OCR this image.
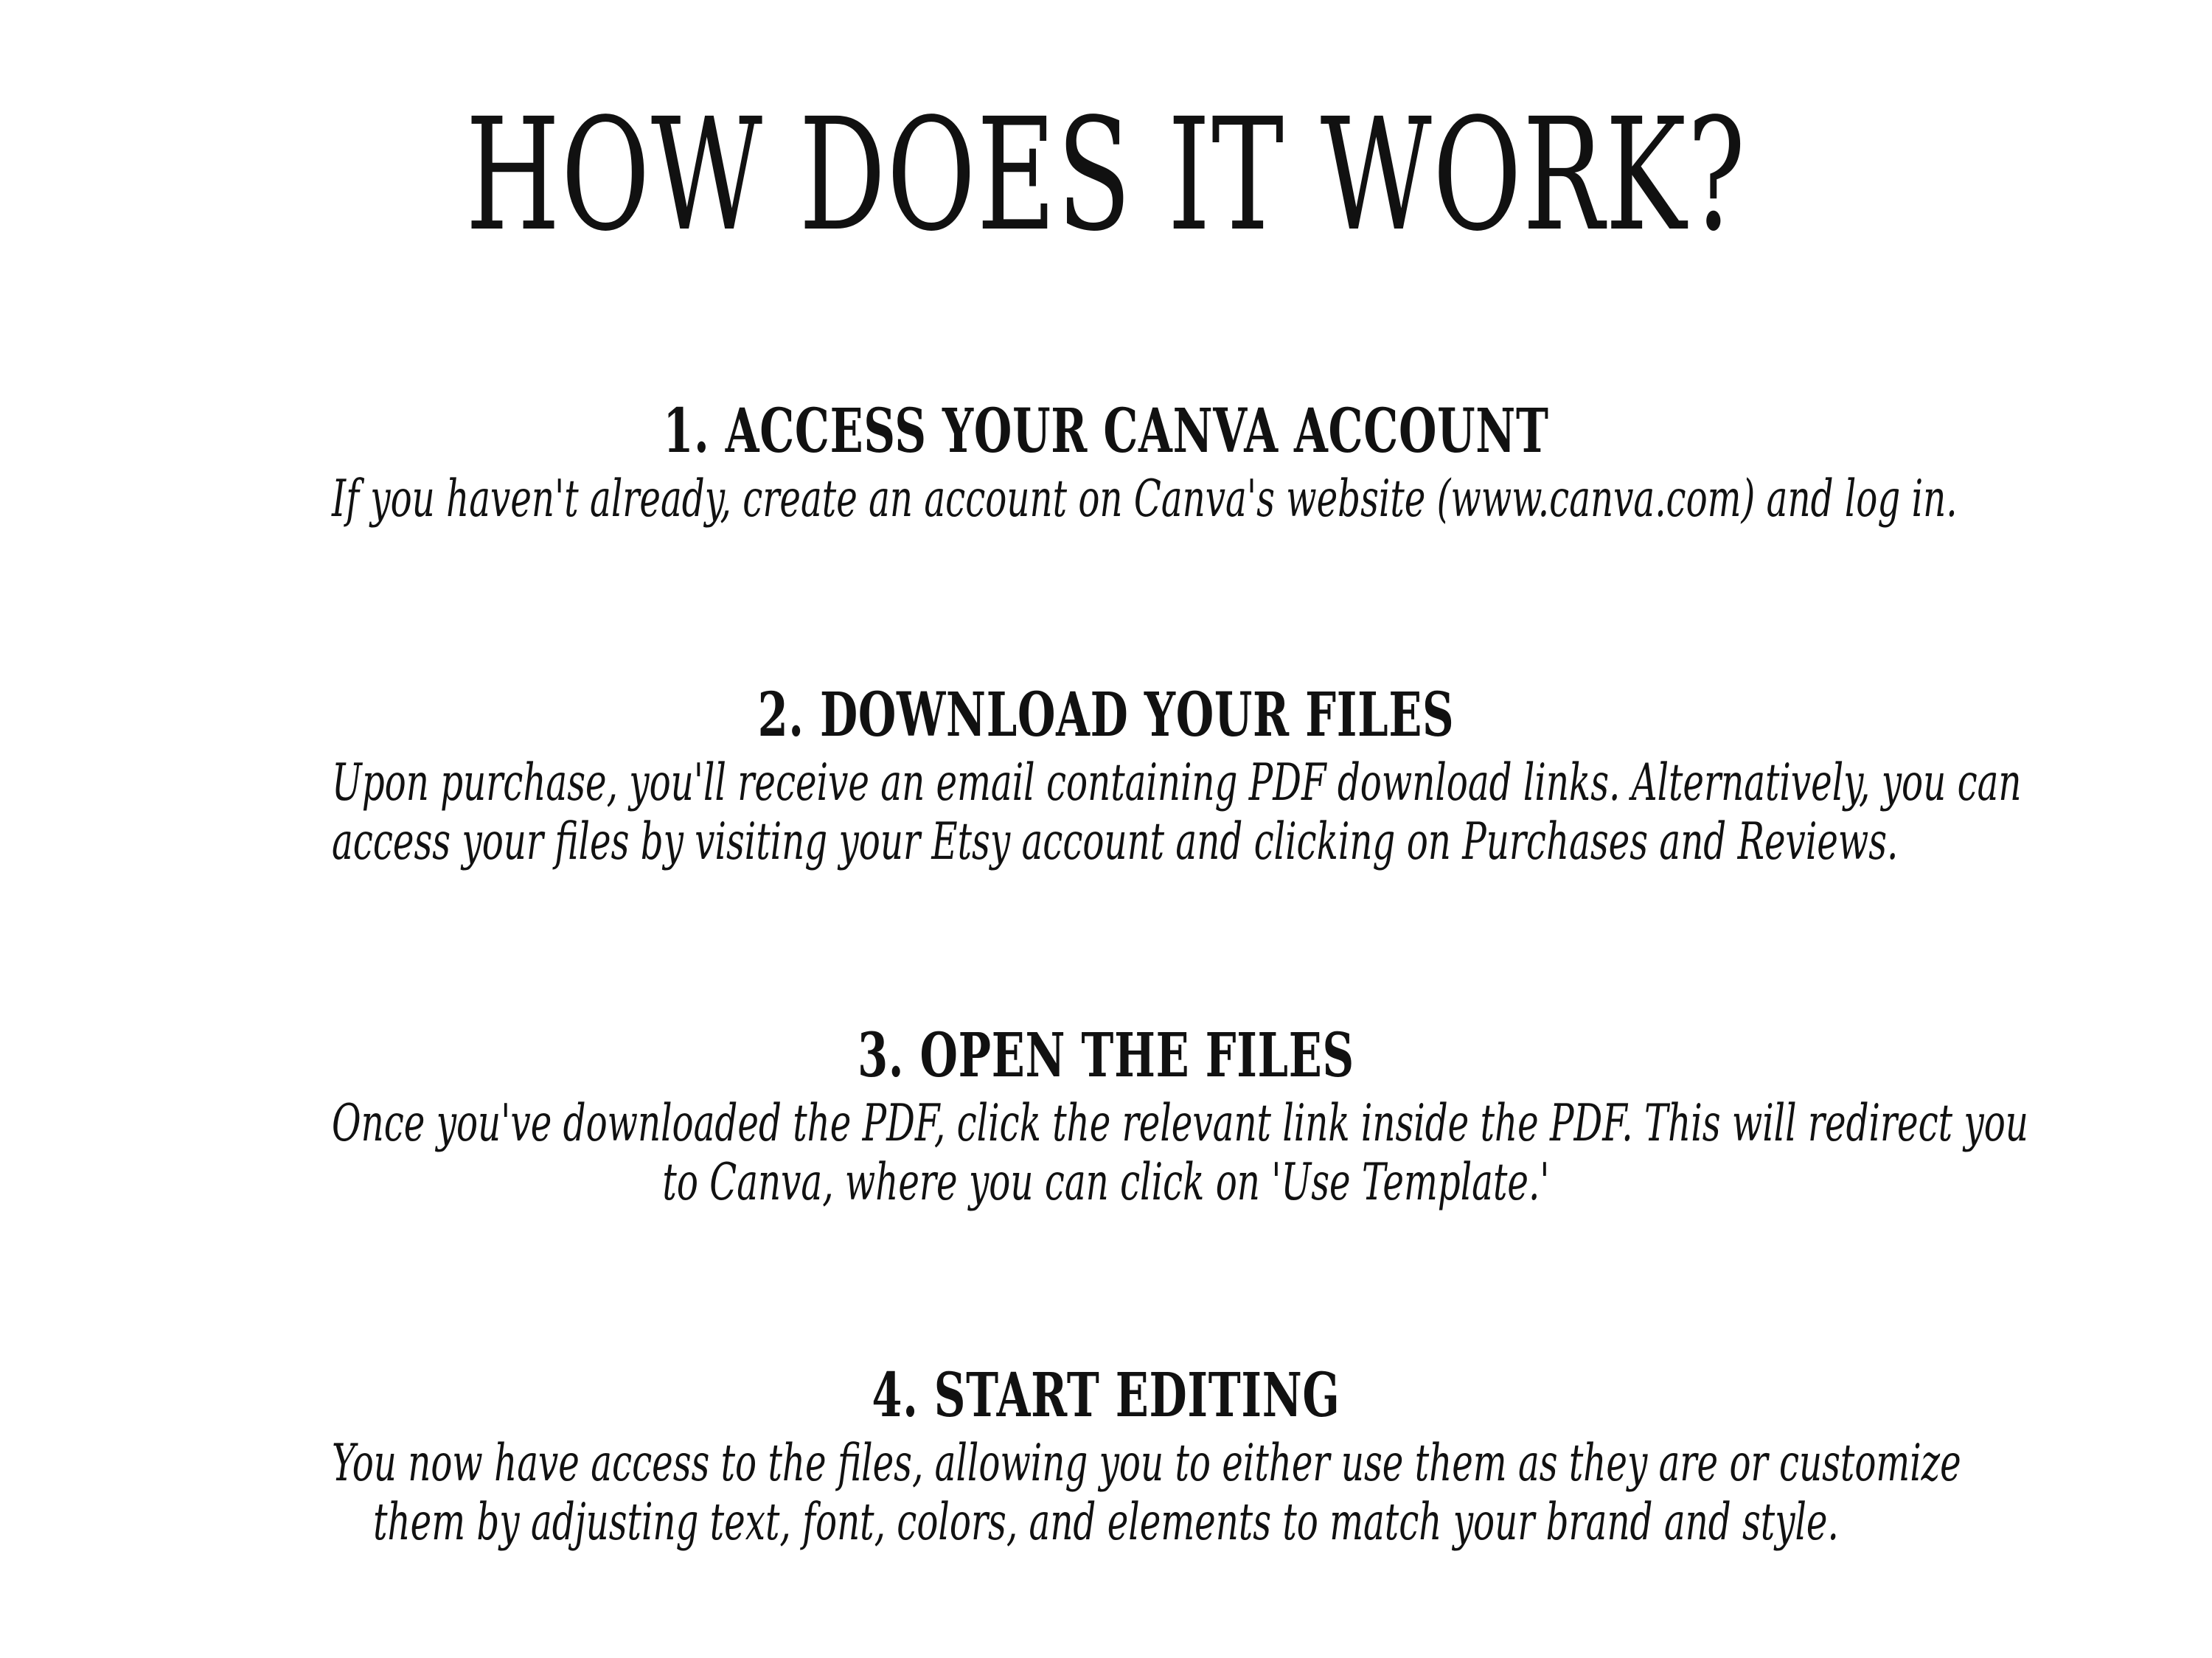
HOW DOES IT WORK?
1. ACCESS YOUR CANVA ACCOUNT

If you haven't already, create an account on Canva's website (www.canva.com) and log in.

2. DOWNLOAD YOUR FILES

Upon purchase, you'll receive an email containing PDF download links. Alternatively, you can
access your files by visiting your Etsy account and clicking on Purchases and Reviews.

3. OPEN THE FILES

Once you've downloaded the PDF, click the relevant link inside the PDF. This will redirect you
to Canva, where you can click on 'Use Template.'

4. START EDITING

You now have access to the files, allowing you to either use them as they are or customize
them by adjusting text, font, colors, and elements to match your brand and style.
